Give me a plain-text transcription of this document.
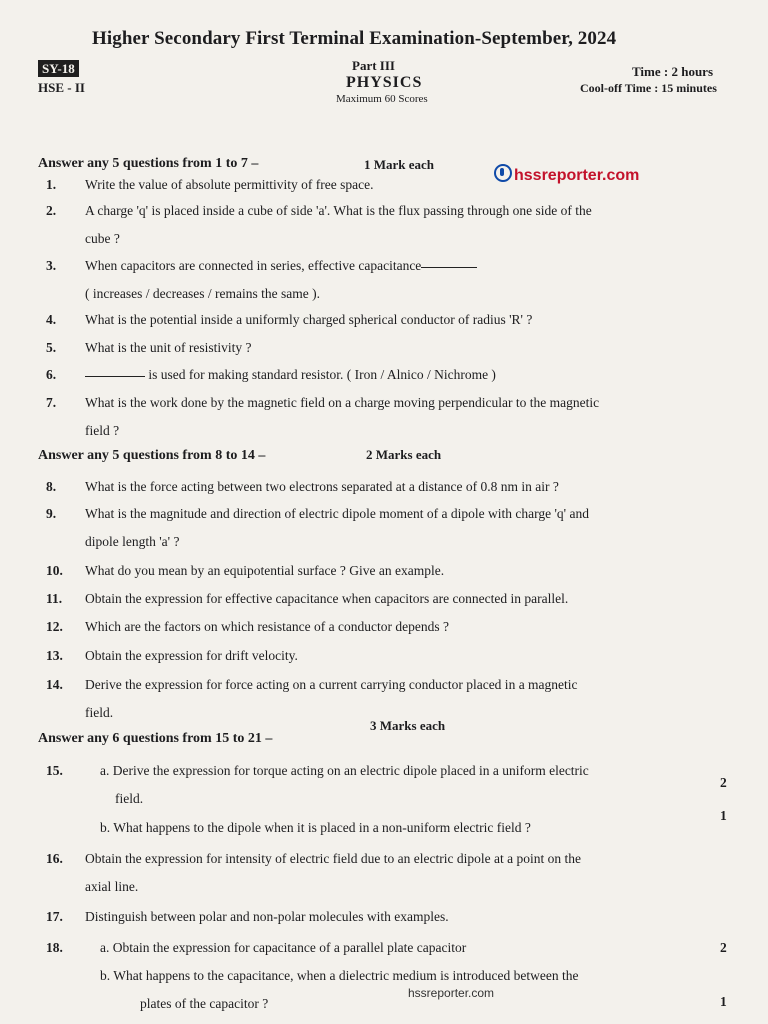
Higher Secondary First Terminal Examination-September, 2024
SY-18
HSE - II
Part III
PHYSICS
Maximum 60 Scores
Time : 2 hours
Cool-off Time : 15 minutes
hssreporter.com
Answer any 5 questions from 1 to 7 –	1 Mark each
1.	Write the value of absolute permittivity of free space.
2.	A charge 'q' is placed inside a cube of side 'a'. What is the flux passing through one side of the
cube ?
3.	When capacitors are connected in series, effective capacitance
( increases / decreases / remains the same ).
4.	What is the potential inside a uniformly charged spherical conductor of radius 'R' ?
5.	What is the unit of resistivity ?
6.	is used for making standard resistor. ( Iron / Alnico / Nichrome )
7.	What is the work done by the magnetic field on a charge moving perpendicular to the magnetic
field ?
Answer any 5 questions from 8 to 14 –	2 Marks each
8.	What is the force acting between two electrons separated at a distance of 0.8 nm in air ?
9.	What is the magnitude and direction of electric dipole moment of a dipole with charge 'q' and
dipole length 'a' ?
10.	What do you mean by an equipotential surface ? Give an example.
11.	Obtain the expression for effective capacitance when capacitors are connected in parallel.
12.	Which are the factors on which resistance of a conductor depends ?
13.	Obtain the expression for drift velocity.
14.	Derive the expression for force acting on a current carrying conductor placed in a magnetic
field.
Answer any 6 questions from 15 to 21 –
3 Marks each
15.	a. Derive the expression for torque acting on an electric dipole placed in a uniform electric
field.
2
b. What happens to the dipole when it is placed in a non-uniform electric field ?
1
16.	Obtain the expression for intensity of electric field due to an electric dipole at a point on the
axial line.
17.	Distinguish between polar and non-polar molecules with examples.
18.	a. Obtain the expression for capacitance of a parallel plate capacitor	2
b. What happens to the capacitance, when a dielectric medium is introduced between the
plates of the capacitor ?	1
hssreporter.com
